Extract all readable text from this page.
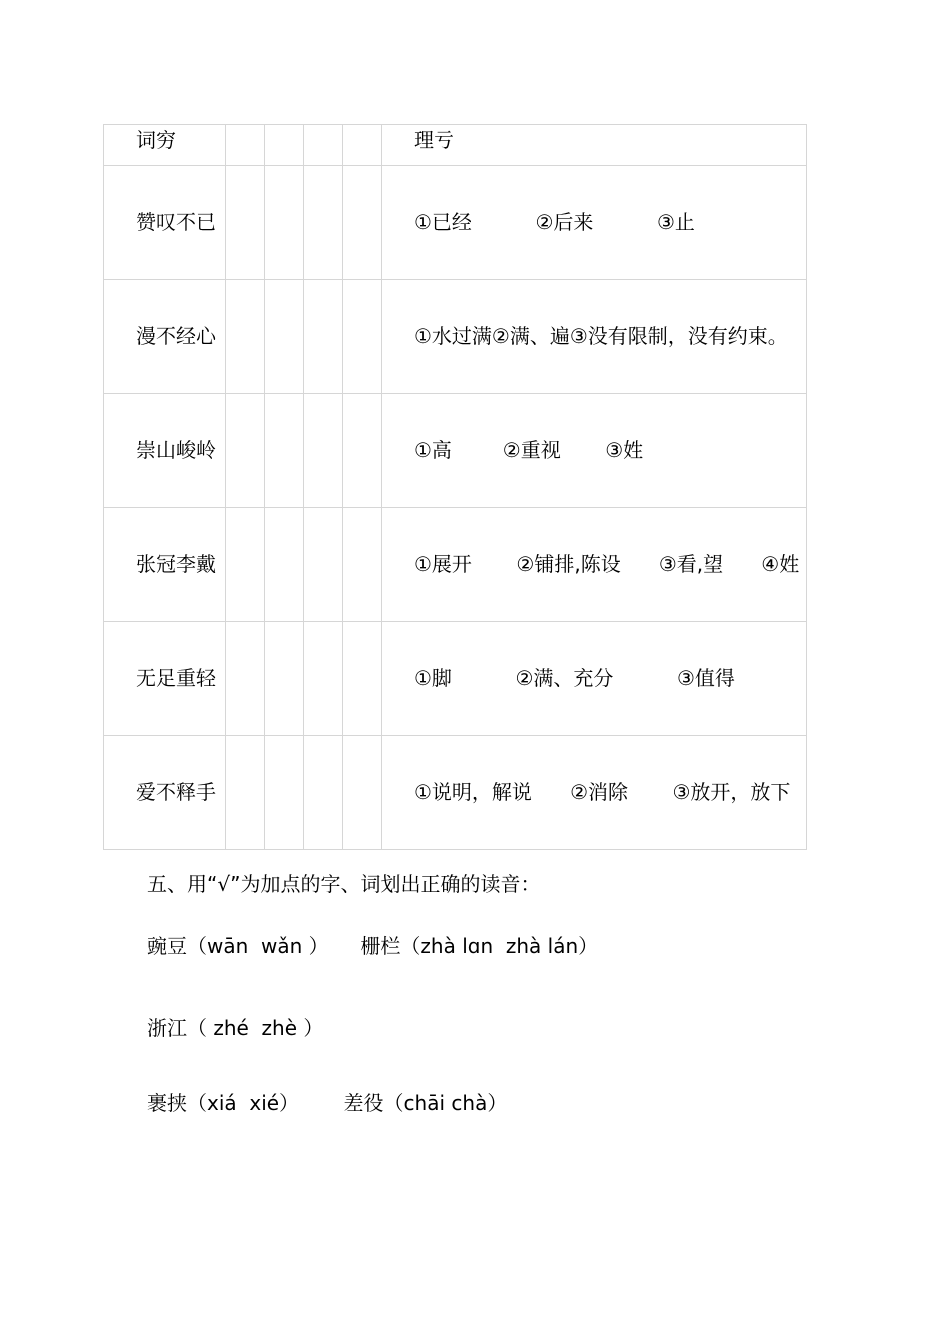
词穷					理亏
赞叹不已					①已经          ②后来          ③止
漫不经心					①水过满②满、遍③没有限制，没有约束。
崇山峻岭					①高        ②重视       ③姓
张冠李戴					①展开       ②铺排,陈设      ③看,望      ④姓
无足重轻					①脚          ②满、充分          ③值得
爱不释手					①说明，解说      ②消除       ③放开，放下
五、用“√”为加点的字、词划出正确的读音：
豌豆（wān  wǎn ）     栅栏（zhà lɑn  zhà lán）
浙江（ zhé  zhè ）
裹挟（xiá  xié）       差役（chāi chà）
